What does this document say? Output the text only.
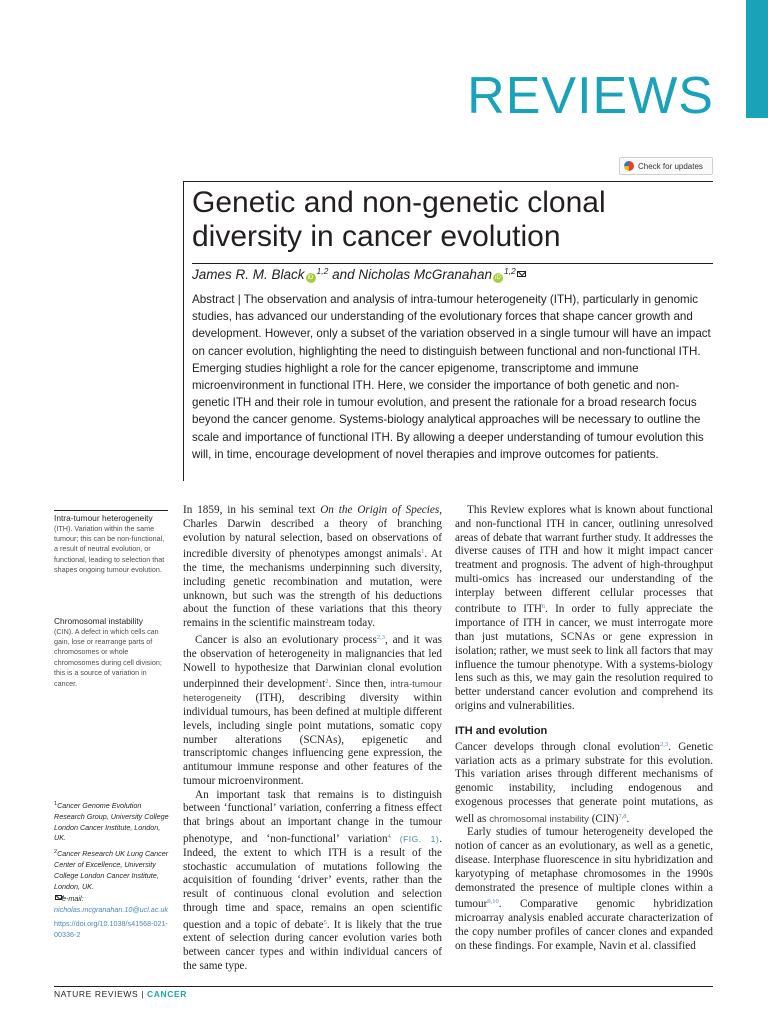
REVIEWS
Check for updates
Genetic and non-genetic clonal diversity in cancer evolution
James R. M. Black iD$^{1,2}$ and Nicholas McGranahan iD$^{1,2}$

Abstract | The observation and analysis of intra-tumour heterogeneity (ITH), particularly in genomic studies, has advanced our understanding of the evolutionary forces that shape cancer growth and development. However, only a subset of the variation observed in a single tumour will have an impact on cancer evolution, highlighting the need to distinguish between functional and non-functional ITH. Emerging studies highlight a role for the cancer epigenome, transcriptome and immune microenvironment in functional ITH. Here, we consider the importance of both genetic and non-genetic ITH and their role in tumour evolution, and present the rationale for a broad research focus beyond the cancer genome. Systems-biology analytical approaches will be necessary to outline the scale and importance of functional ITH. By allowing a deeper understanding of tumour evolution this will, in time, encourage development of novel therapies and improve outcomes for patients.

Intra-tumour heterogeneity
(ITH). Variation within the same tumour; this can be non-functional, a result of neutral evolution, or functional, leading to selection that shapes ongoing tumour evolution.
Chromosomal instability
(CIN). A defect in which cells can gain, lose or rearrange parts of chromosomes or whole chromosomes during cell division; this is a source of variation in cancer.
$^1$Cancer Genome Evolution Research Group, University College London Cancer Institute, London, UK.
$^2$Cancer Research UK Lung Cancer Center of Excellence, University College London Cancer Institute, London, UK.
e-mail:
nicholas.mcgranahan.10@ucl.ac.uk
https://doi.org/10.1038/s41568-021-00336-2

In 1859, in his seminal text On the Origin of Species, Charles Darwin described a theory of branching evolution by natural selection, based on observations of incredible diversity of phenotypes amongst animals$^1$. At the time, the mechanisms underpinning such diversity, including genetic recombination and mutation, were unknown, but such was the strength of his deductions about the function of these variations that this theory remains in the scientific mainstream today.

Cancer is also an evolutionary process$^{2,3}$, and it was the observation of heterogeneity in malignancies that led Nowell to hypothesize that Darwinian clonal evolution underpinned their development$^2$. Since then, intra-tumour heterogeneity (ITH), describing diversity within individual tumours, has been defined at multiple different levels, including single point mutations, somatic copy number alterations (SCNAs), epigenetic and transcriptomic changes influencing gene expression, the antitumour immune response and other features of the tumour microenvironment.

An important task that remains is to distinguish between ‘functional’ variation, conferring a fitness effect that brings about an important change in the tumour phenotype, and ‘non-functional’ variation$^4$ (FIG. 1). Indeed, the extent to which ITH is a result of the stochastic accumulation of mutations following the acquisition of founding ‘driver’ events, rather than the result of continuous clonal evolution and selection through time and space, remains an open scientific question and a topic of debate$^5$. It is likely that the true extent of selection during cancer evolution varies both between cancer types and within individual cancers of the same type.

This Review explores what is known about functional and non-functional ITH in cancer, outlining unresolved areas of debate that warrant further study. It addresses the diverse causes of ITH and how it might impact cancer treatment and prognosis. The advent of high-throughput multi-omics has increased our understanding of the interplay between different cellular processes that contribute to ITH$^6$. In order to fully appreciate the importance of ITH in cancer, we must interrogate more than just mutations, SCNAs or gene expression in isolation; rather, we must seek to link all factors that may influence the tumour phenotype. With a systems-biology lens such as this, we may gain the resolution required to better understand cancer evolution and comprehend its origins and vulnerabilities.

ITH and evolution

Cancer develops through clonal evolution$^{2,3}$. Genetic variation acts as a primary substrate for this evolution. This variation arises through different mechanisms of genomic instability, including endogenous and exogenous processes that generate point mutations, as well as chromosomal instability (CIN)$^{7,8}$.

Early studies of tumour heterogeneity developed the notion of cancer as an evolutionary, as well as a genetic, disease. Interphase fluorescence in situ hybridization and karyotyping of metaphase chromosomes in the 1990s demonstrated the presence of multiple clones within a tumour$^{9,10}$. Comparative genomic hybridization microarray analysis enabled accurate characterization of the copy number profiles of cancer clones and expanded on these findings. For example, Navin et al. classified

NATURE REVIEWS | CANCER
